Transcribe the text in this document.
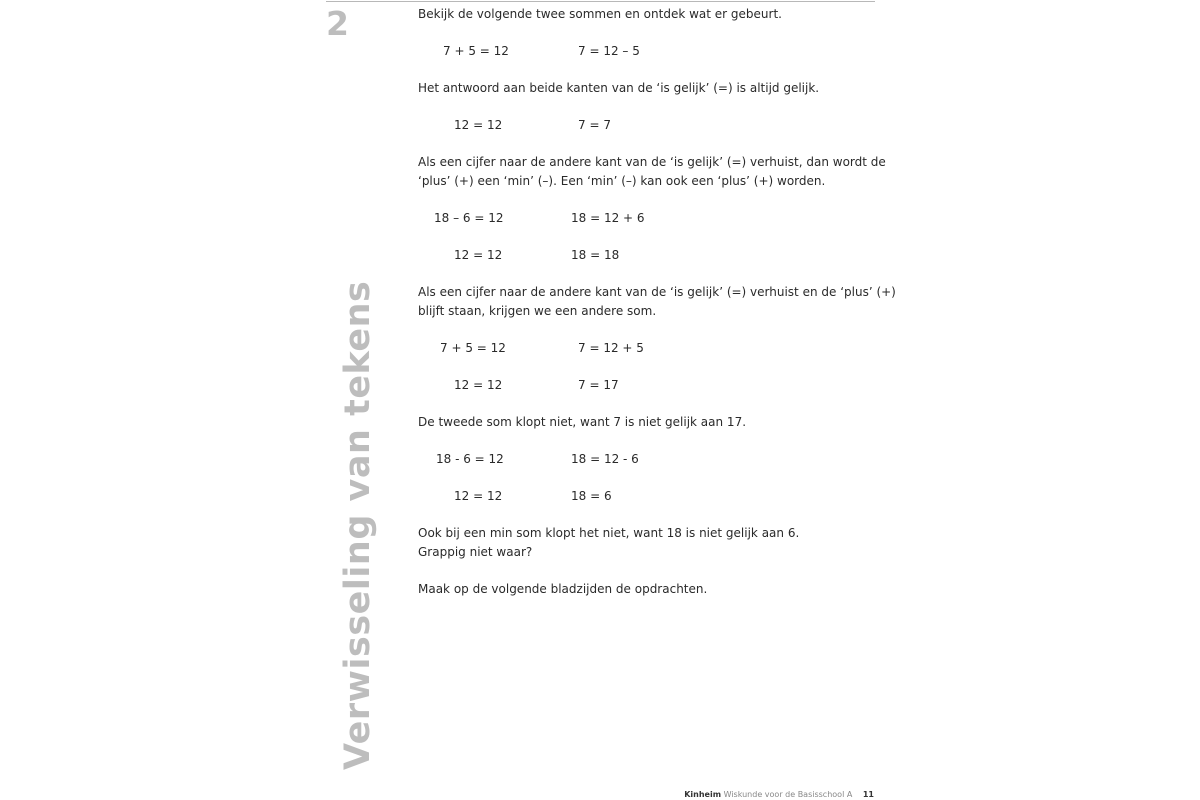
2
Verwisseling van tekens
Bekijk de volgende twee sommen en ontdek wat er gebeurt.
7 + 5 = 12	7 = 12 – 5
Het antwoord aan beide kanten van de ‘is gelijk’ (=) is altijd gelijk.
12 = 12	7 = 7
Als een cijfer naar de andere kant van de ‘is gelijk’ (=) verhuist, dan wordt de
‘plus’ (+) een ‘min’ (–). Een ‘min’ (–) kan ook een ‘plus’ (+) worden.
18 – 6 = 12	18 = 12 + 6
12 = 12	18 = 18
Als een cijfer naar de andere kant van de ‘is gelijk’ (=) verhuist en de ‘plus’ (+)
blijft staan, krijgen we een andere som.
7 + 5 = 12	7 = 12 + 5
12 = 12	7 = 17
De tweede som klopt niet, want 7 is niet gelijk aan 17.
18 - 6 = 12	18 = 12 - 6
12 = 12	18 = 6
Ook bij een min som klopt het niet, want 18 is niet gelijk aan 6.
Grappig niet waar?
Maak op de volgende bladzijden de opdrachten.
Kinheim Wiskunde voor de Basisschool A 11
